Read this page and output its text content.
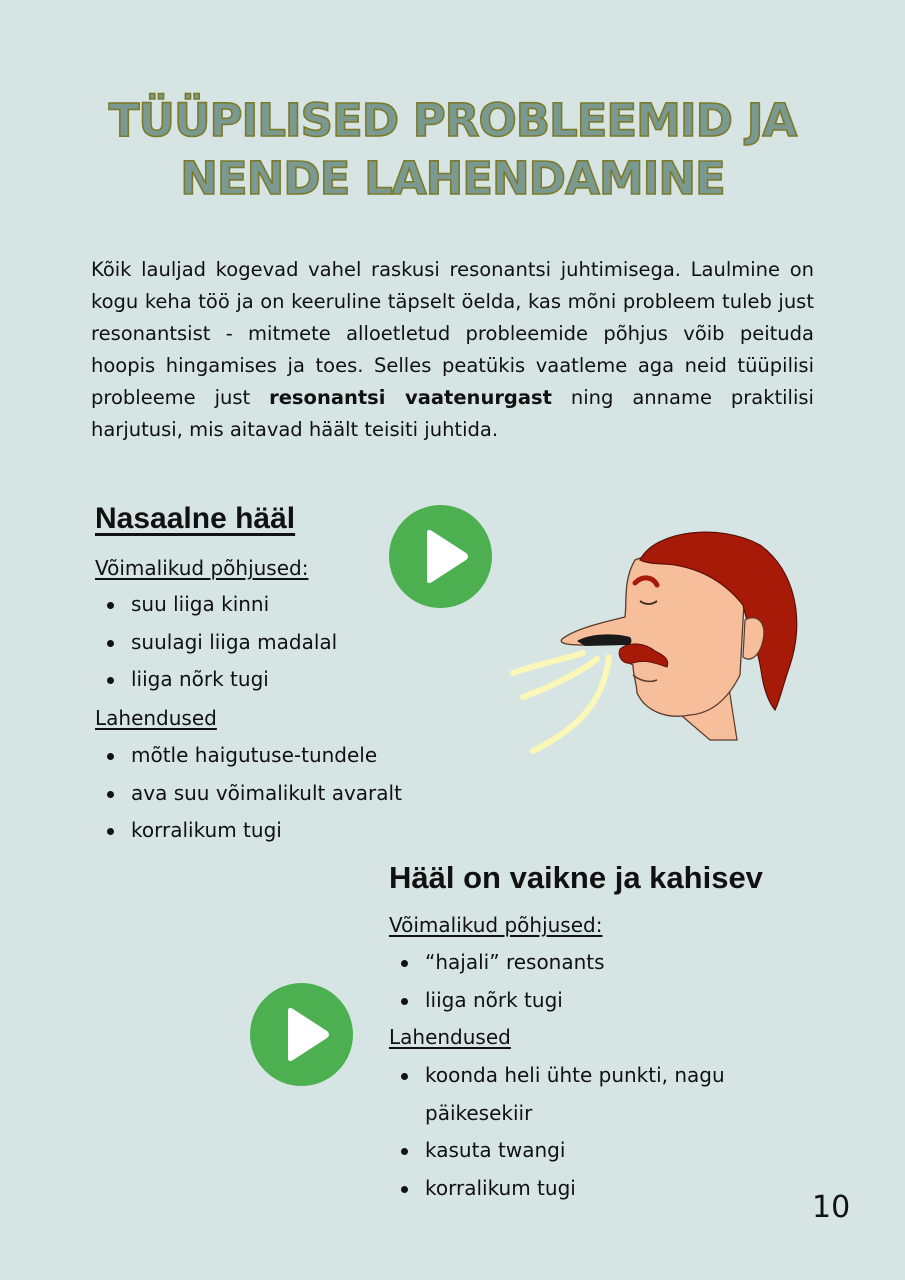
TÜÜPILISED PROBLEEMID JA
NENDE LAHENDAMINE

Kõik lauljad kogevad vahel raskusi resonantsi juhtimisega. Laulmine on kogu keha töö ja on keeruline täpselt öelda, kas mõni probleem tuleb just resonantsist - mitmete alloetletud probleemide põhjus võib peituda hoopis hingamises ja toes. Selles peatükis vaatleme aga neid tüüpilisi probleeme just resonantsi vaatenurgast ning anname praktilisi harjutusi, mis aitavad häält teisiti juhtida.

Nasaalne hääl

Võimalikud põhjused:

suu liiga kinni
suulagi liiga madalal
liiga nõrk tugi

Lahendused

mõtle haigutuse-tundele
ava suu võimalikult avaralt
korralikum tugi
Hääl on vaikne ja kahisev

Võimalikud põhjused:

“hajali” resonants
liiga nõrk tugi

Lahendused

koonda heli ühte punkti, nagu päikesekiir
kasuta twangi
korralikum tugi

10
